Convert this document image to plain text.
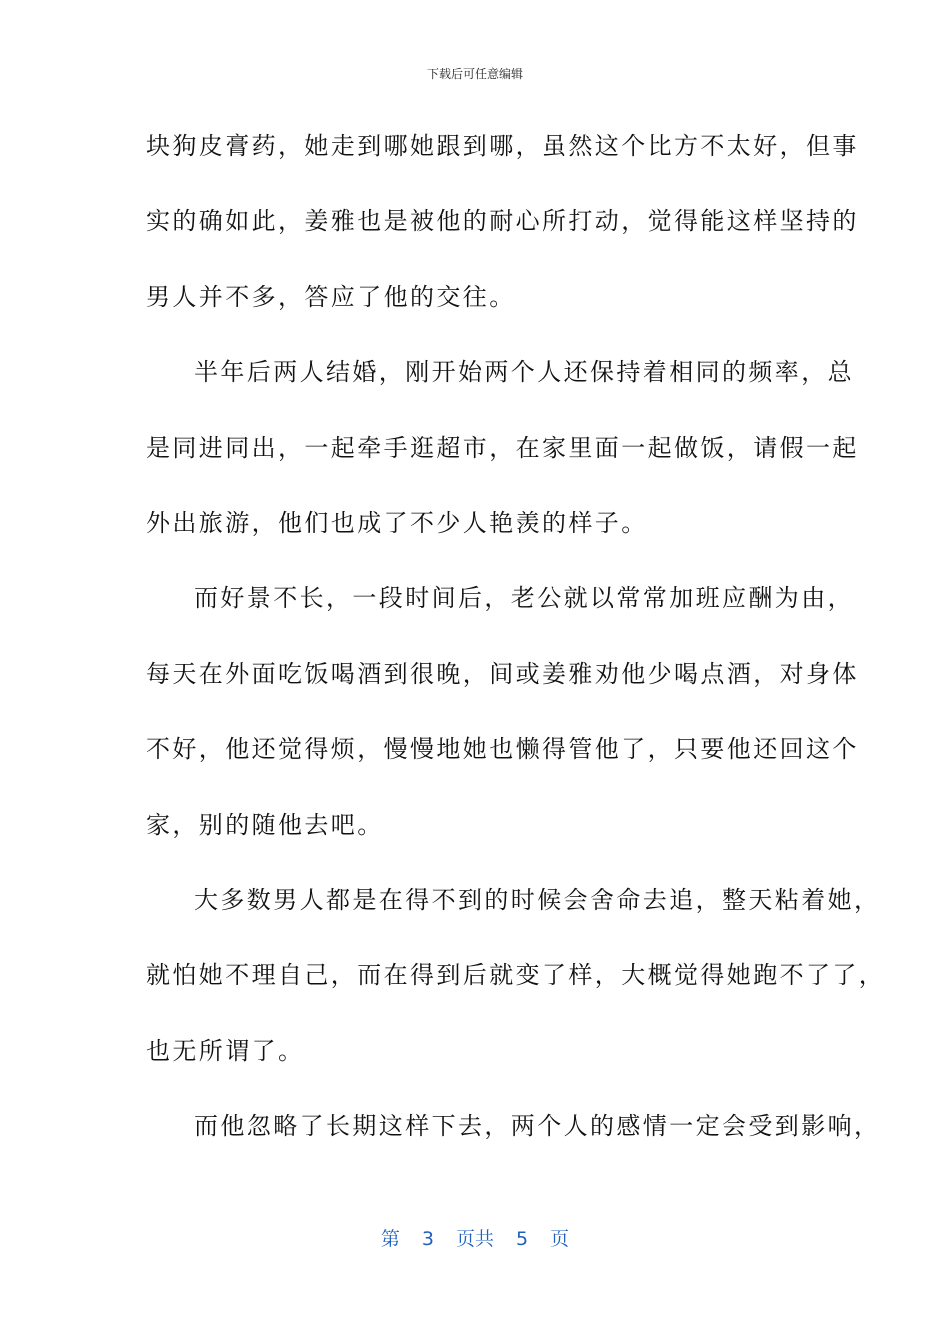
下载后可任意编辑
块狗皮膏药，她走到哪她跟到哪，虽然这个比方不太好，但事
实的确如此，姜雅也是被他的耐心所打动，觉得能这样坚持的
男人并不多，答应了他的交往。
半年后两人结婚，刚开始两个人还保持着相同的频率，总
是同进同出，一起牵手逛超市，在家里面一起做饭，请假一起
外出旅游，他们也成了不少人艳羡的样子。
而好景不长，一段时间后，老公就以常常加班应酬为由，
每天在外面吃饭喝酒到很晚，间或姜雅劝他少喝点酒，对身体
不好，他还觉得烦，慢慢地她也懒得管他了，只要他还回这个
家，别的随他去吧。
大多数男人都是在得不到的时候会舍命去追，整天粘着她，
就怕她不理自己，而在得到后就变了样，大概觉得她跑不了了，
也无所谓了。
而他忽略了长期这样下去，两个人的感情一定会受到影响，
第 3 页共 5 页
